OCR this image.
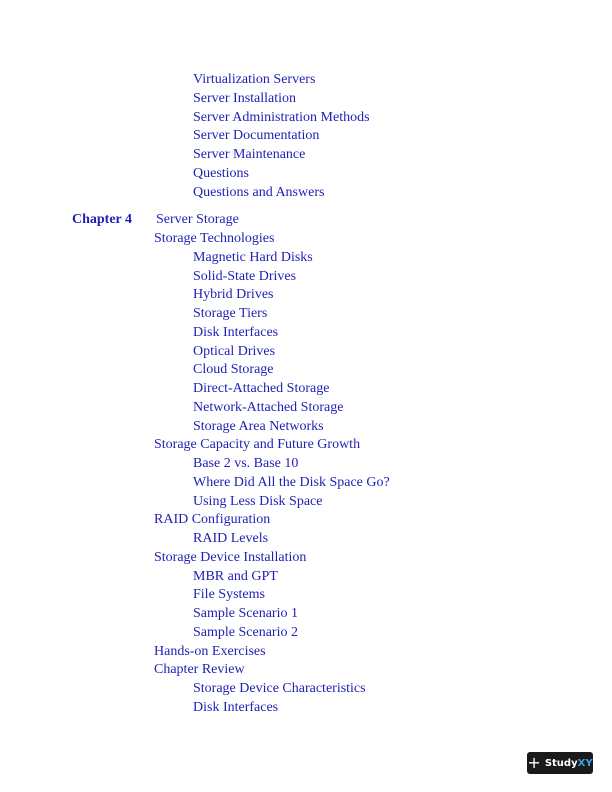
Virtualization Servers
Server Installation
Server Administration Methods
Server Documentation
Server Maintenance
Questions
Questions and Answers
Chapter 4 Server Storage
Storage Technologies
Magnetic Hard Disks
Solid-State Drives
Hybrid Drives
Storage Tiers
Disk Interfaces
Optical Drives
Cloud Storage
Direct-Attached Storage
Network-Attached Storage
Storage Area Networks
Storage Capacity and Future Growth
Base 2 vs. Base 10
Where Did All the Disk Space Go?
Using Less Disk Space
RAID Configuration
RAID Levels
Storage Device Installation
MBR and GPT
File Systems
Sample Scenario 1
Sample Scenario 2
Hands-on Exercises
Chapter Review
Storage Device Characteristics
Disk Interfaces
+ StudyXY
